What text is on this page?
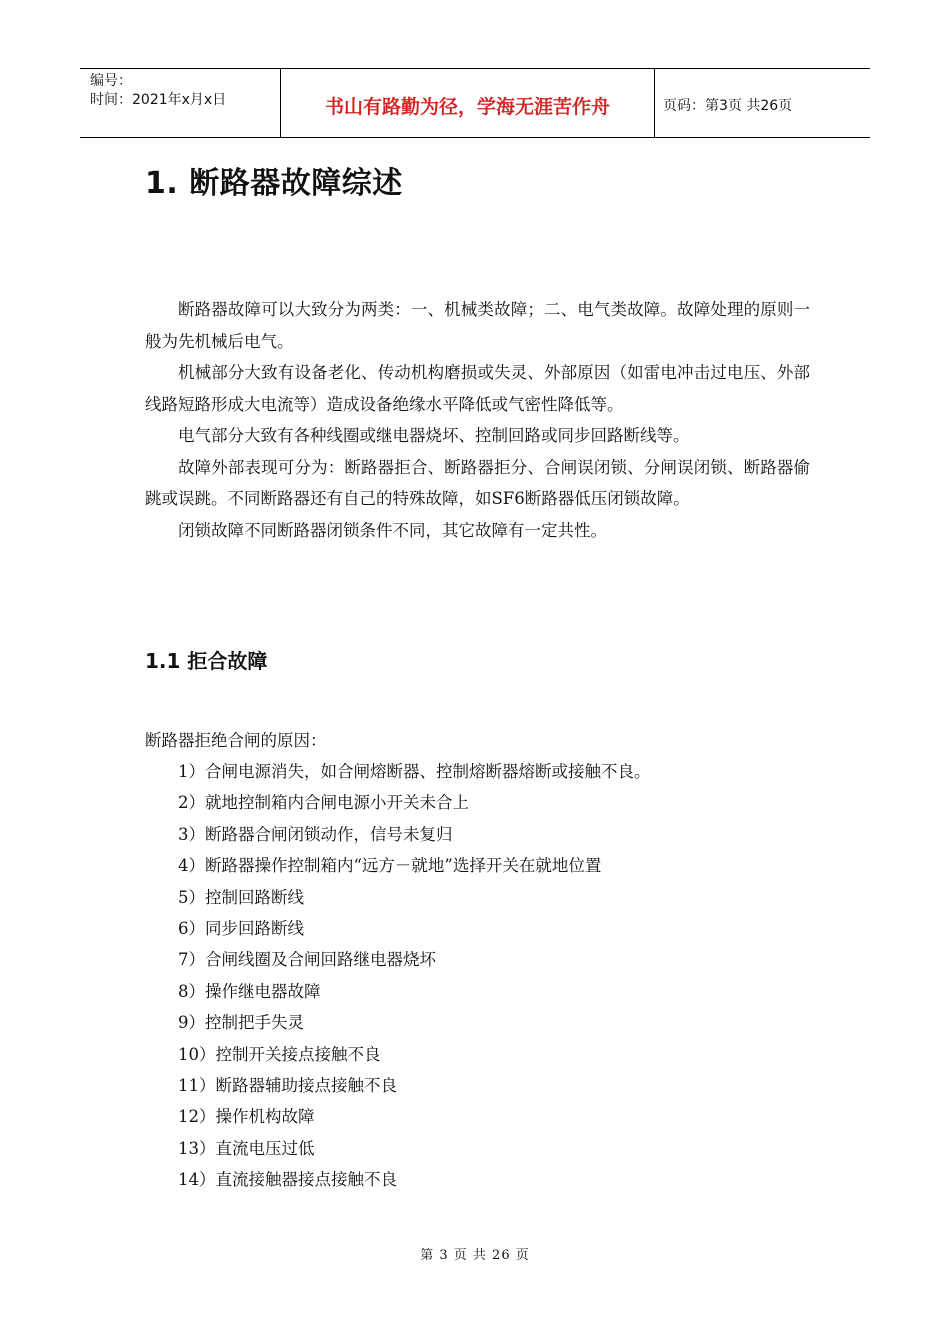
编号：
时间：2021年x月x日	书山有路勤为径，学海无涯苦作舟	页码：第3页 共26页
1. 断路器故障综述

断路器故障可以大致分为两类：一、机械类故障；二、电气类故障。故障处理的原则一般为先机械后电气。

机械部分大致有设备老化、传动机构磨损或失灵、外部原因（如雷电冲击过电压、外部线路短路形成大电流等）造成设备绝缘水平降低或气密性降低等。

电气部分大致有各种线圈或继电器烧坏、控制回路或同步回路断线等。

故障外部表现可分为：断路器拒合、断路器拒分、合闸误闭锁、分闸误闭锁、断路器偷跳或误跳。不同断路器还有自己的特殊故障，如SF6断路器低压闭锁故障。

闭锁故障不同断路器闭锁条件不同，其它故障有一定共性。

1.1 拒合故障

断路器拒绝合闸的原因：

1）合闸电源消失，如合闸熔断器、控制熔断器熔断或接触不良。
2）就地控制箱内合闸电源小开关未合上
3）断路器合闸闭锁动作，信号未复归
4）断路器操作控制箱内“远方－就地”选择开关在就地位置
5）控制回路断线
6）同步回路断线
7）合闸线圈及合闸回路继电器烧坏
8）操作继电器故障
9）控制把手失灵
10）控制开关接点接触不良
11）断路器辅助接点接触不良
12）操作机构故障
13）直流电压过低
14）直流接触器接点接触不良
第 3 页 共 26 页
